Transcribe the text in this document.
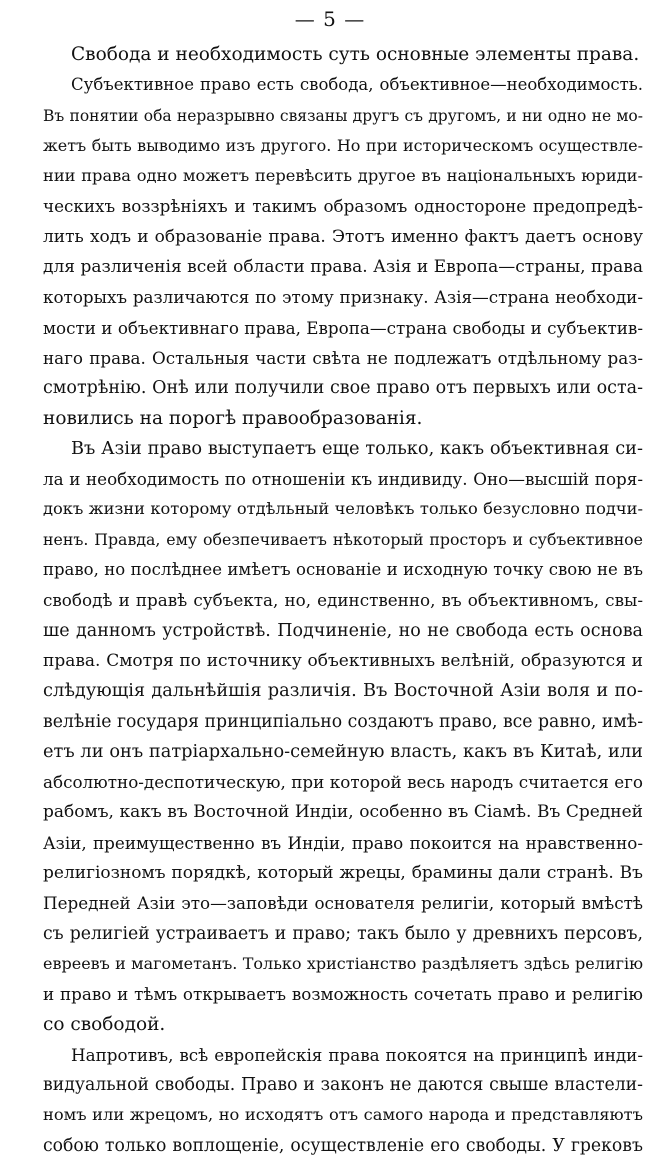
— 5 —
Свобода и необходимость суть основные элементы права.
Субъективное право есть свобода, объективное—необходимость.
Въ понятии оба неразрывно связаны другъ съ другомъ, и ни одно не мо-
жетъ быть выводимо изъ другого. Но при историческомъ осуществле-
нии права одно можетъ перевѣсить другое въ національныхъ юриди-
ческихъ воззрѣніяхъ и такимъ образомъ одностороне предопредѣ-
лить ходъ и образованіе права. Этотъ именно фактъ даетъ основу
для различенія всей области права. Азія и Европа—страны, права
которыхъ различаются по этому признаку. Азія—страна необходи-
мости и объективнаго права, Европа—страна свободы и субъектив-
наго права. Остальныя части свѣта не подлежатъ отдѣльному раз-
смотрѣнію. Онѣ или получили свое право отъ первыхъ или оста-
новились на порогѣ правообразованія.
Въ Азіи право выступаетъ еще только, какъ объективная си-
ла и необходимость по отношеніи къ индивиду. Оно—высшій поря-
докъ жизни которому отдѣльный человѣкъ только безусловно подчи-
ненъ. Правда, ему обезпечиваетъ нѣкоторый просторъ и субъективное
право, но послѣднее имѣетъ основаніе и исходную точку свою не въ
свободѣ и правѣ субъекта, но, единственно, въ объективномъ, свы-
ше данномъ устройствѣ. Подчиненіе, но не свобода есть основа
права. Смотря по источнику объективныхъ велѣній, образуются и
слѣдующія дальнѣйшія различія. Въ Восточной Азіи воля и по-
велѣніе государя принципіально создаютъ право, все равно, имѣ-
етъ ли онъ патріархально-семейную власть, какъ въ Китаѣ, или
абсолютно-деспотическую, при которой весь народъ считается его
рабомъ, какъ въ Восточной Индіи, особенно въ Сіамѣ. Въ Средней
Азіи, преимущественно въ Индіи, право покоится на нравственно-
религіозномъ порядкѣ, который жрецы, брамины дали странѣ. Въ
Передней Азіи это—заповѣди основателя религіи, который вмѣстѣ
съ религіей устраиваетъ и право; такъ было у древнихъ персовъ,
евреевъ и магометанъ. Только христіанство раздѣляетъ здѣсь религію
и право и тѣмъ открываетъ возможность сочетать право и религію
со свободой.
Напротивъ, всѣ европейскія права покоятся на принципѣ инди-
видуальной свободы. Право и законъ не даются свыше властели-
номъ или жрецомъ, но исходятъ отъ самого народа и представляютъ
собою только воплощеніе, осуществленіе его свободы. У грековъ
